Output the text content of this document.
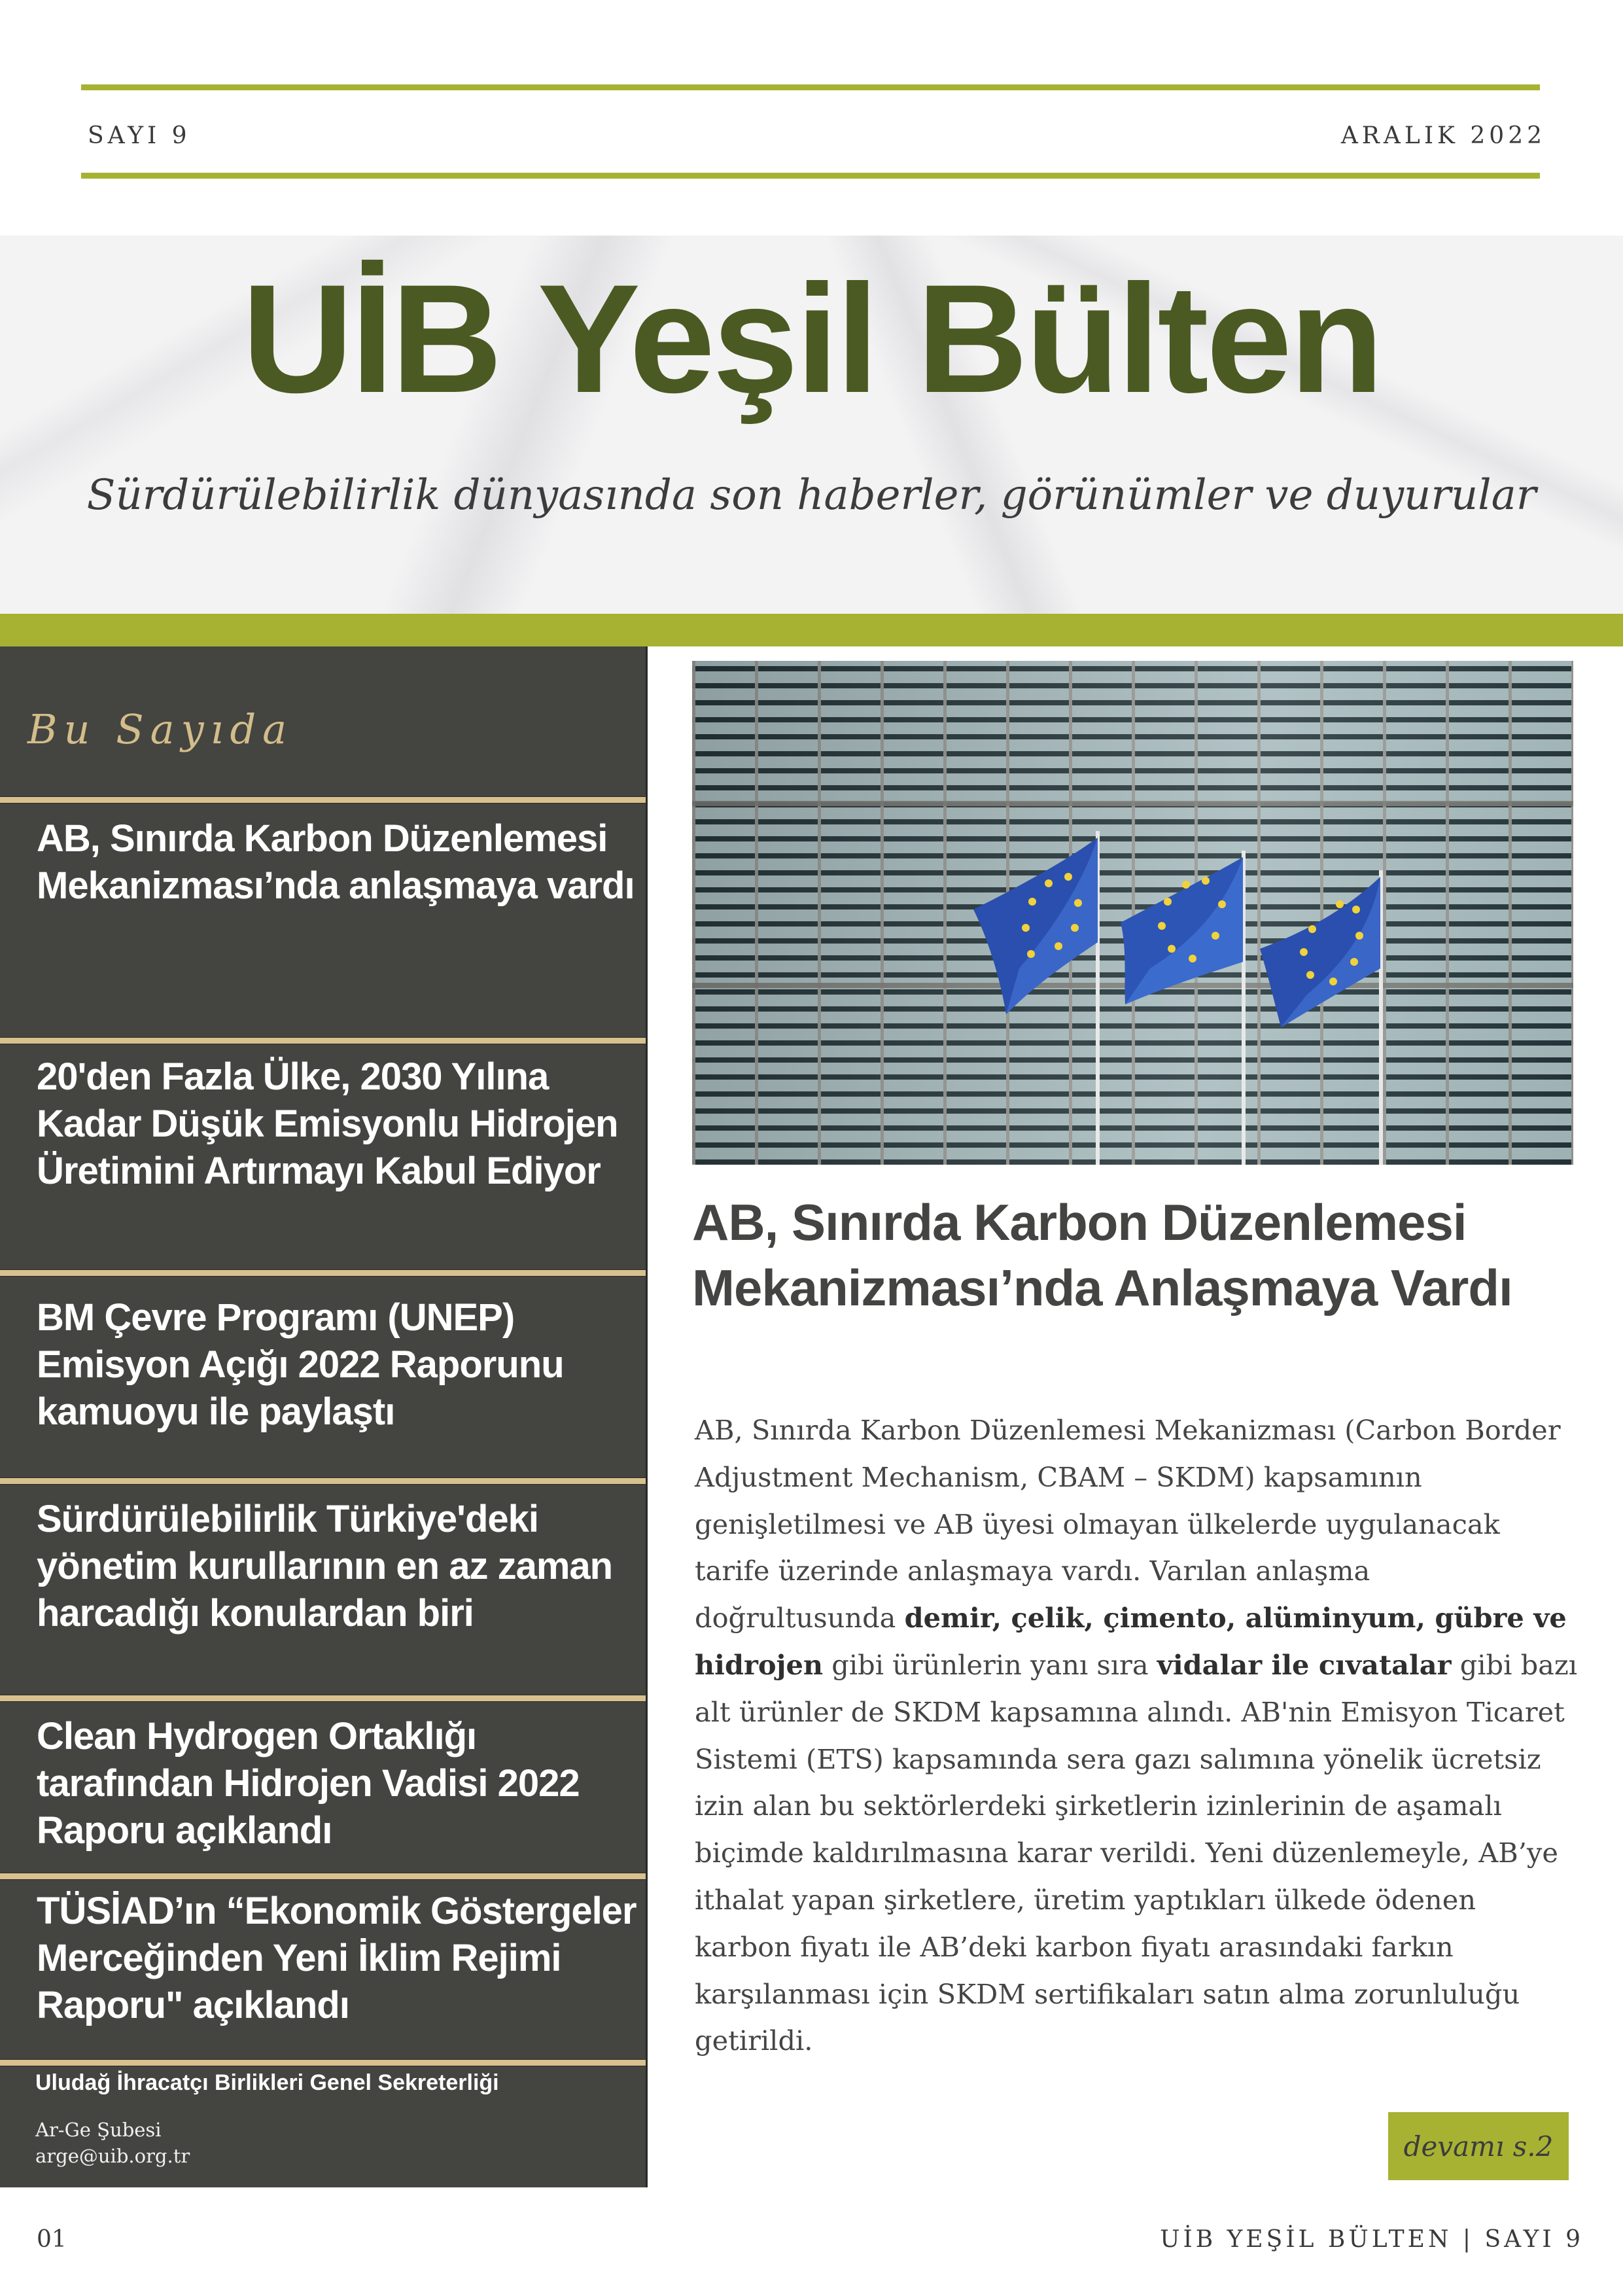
SAYI 9	ARALIK 2022
UİB Yeşil Bülten
Sürdürülebilirlik dünyasında son haberler, görünümler ve duyurular
Bu Sayıda
AB, Sınırda Karbon Düzenlemesi Mekanizması’nda anlaşmaya vardı
20'den Fazla Ülke, 2030 Yılına Kadar Düşük Emisyonlu Hidrojen Üretimini Artırmayı Kabul Ediyor
BM Çevre Programı (UNEP) Emisyon Açığı 2022 Raporunu kamuoyu ile paylaştı
Sürdürülebilirlik Türkiye'deki yönetim kurullarının en az zaman harcadığı konulardan biri
Clean Hydrogen Ortaklığı tarafından Hidrojen Vadisi 2022 Raporu açıklandı
TÜSİAD’ın “Ekonomik Göstergeler Merceğinden Yeni İklim Rejimi Raporu" açıklandı
Uludağ İhracatçı Birlikleri Genel Sekreterliği
Ar-Ge Şubesi
arge@uib.org.tr
AB, Sınırda Karbon Düzenlemesi Mekanizması’nda Anlaşmaya Vardı
AB, Sınırda Karbon Düzenlemesi Mekanizması (Carbon Border Adjustment Mechanism, CBAM – SKDM) kapsamının genişletilmesi ve AB üyesi olmayan ülkelerde uygulanacak tarife üzerinde anlaşmaya vardı. Varılan anlaşma doğrultusunda demir, çelik, çimento, alüminyum, gübre ve hidrojen gibi ürünlerin yanı sıra vidalar ile cıvatalar gibi bazı alt ürünler de SKDM kapsamına alındı. AB'nin Emisyon Ticaret Sistemi (ETS) kapsamında sera gazı salımına yönelik ücretsiz izin alan bu sektörlerdeki şirketlerin izinlerinin de aşamalı biçimde kaldırılmasına karar verildi. Yeni düzenlemeyle, AB’ye ithalat yapan şirketlere, üretim yaptıkları ülkede ödenen karbon fiyatı ile AB’deki karbon fiyatı arasındaki farkın karşılanması için SKDM sertifikaları satın alma zorunluluğu getirildi.
devamı s.2
01	UİB YEŞİL BÜLTEN | SAYI 9
